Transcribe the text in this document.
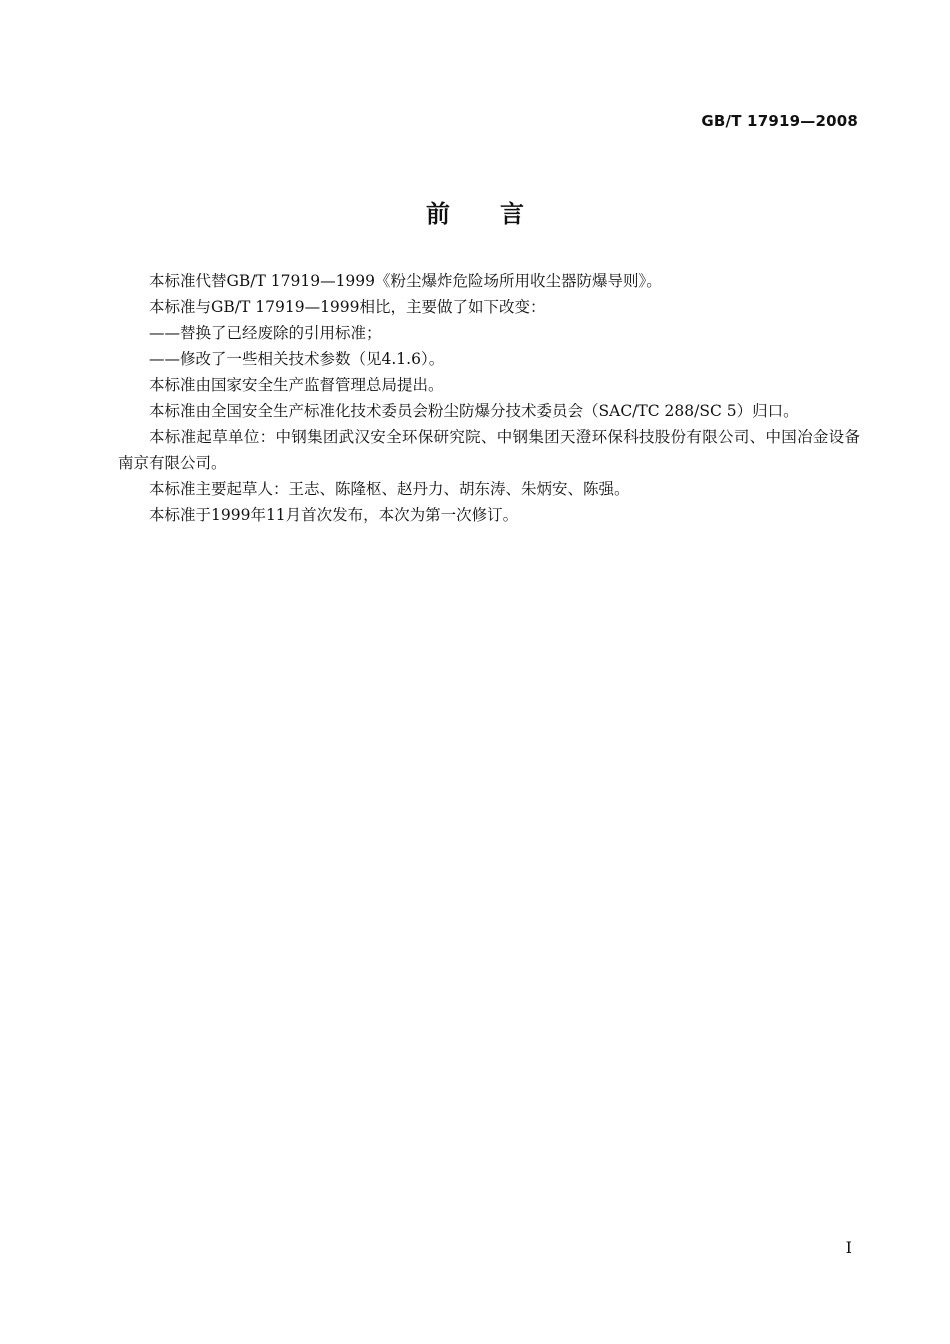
GB/T 17919—2008

前言

本标准代替GB/T 17919—1999《粉尘爆炸危险场所用收尘器防爆导则》。

本标准与GB/T 17919—1999相比，主要做了如下改变：

——替换了已经废除的引用标准；

——修改了一些相关技术参数（见4.1.6）。

本标准由国家安全生产监督管理总局提出。

本标准由全国安全生产标准化技术委员会粉尘防爆分技术委员会（SAC/TC 288/SC 5）归口。

本标准起草单位：中钢集团武汉安全环保研究院、中钢集团天澄环保科技股份有限公司、中国冶金设备南京有限公司。

本标准主要起草人：王志、陈隆枢、赵丹力、胡东涛、朱炳安、陈强。

本标准于1999年11月首次发布，本次为第一次修订。

I
